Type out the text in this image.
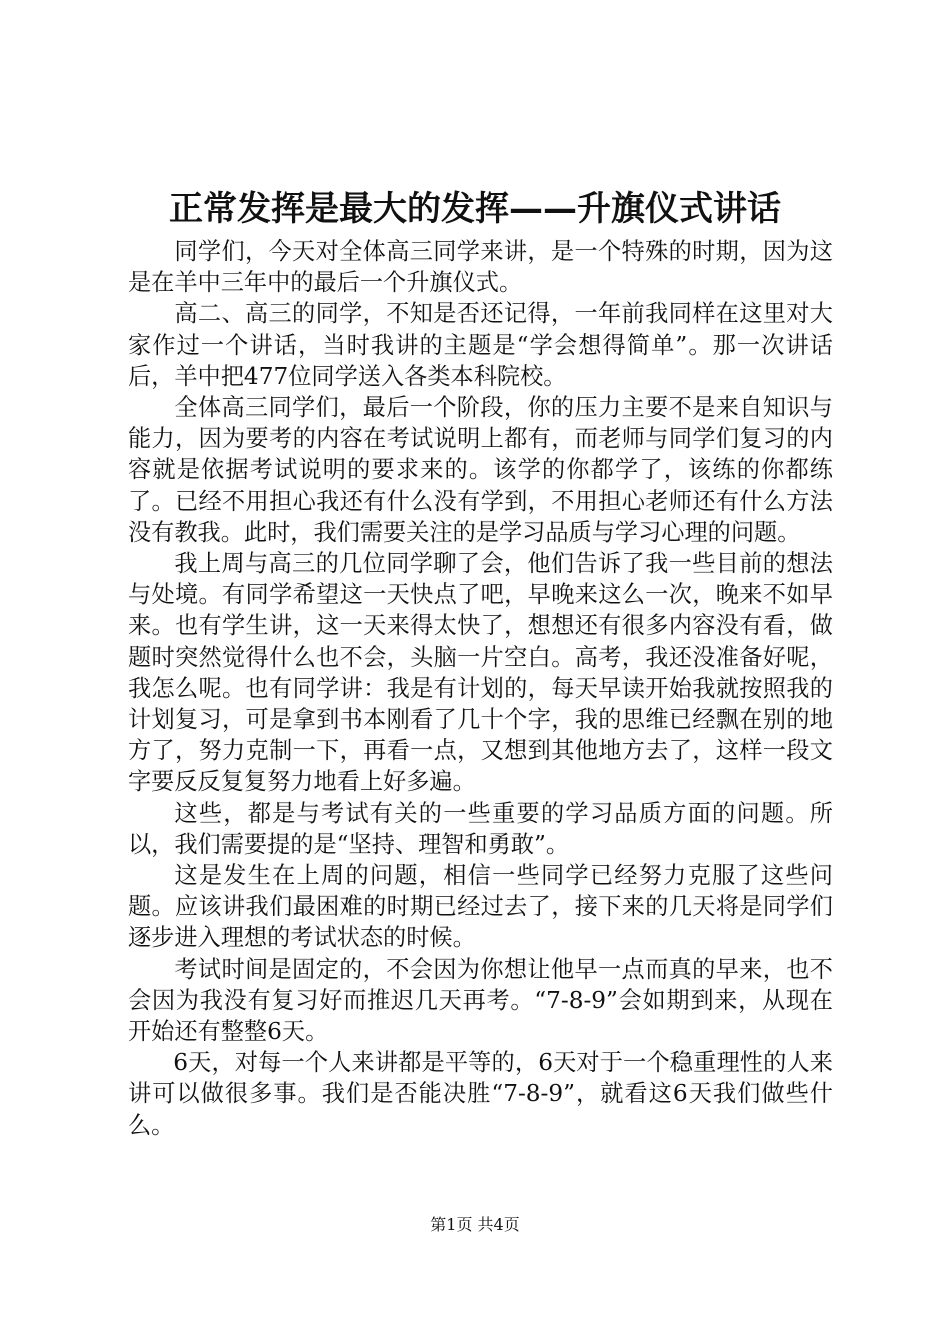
正常发挥是最大的发挥——升旗仪式讲话

同学们，今天对全体高三同学来讲，是一个特殊的时期，因为这是在羊中三年中的最后一个升旗仪式。

高二、高三的同学，不知是否还记得，一年前我同样在这里对大家作过一个讲话，当时我讲的主题是“学会想得简单”。那一次讲话后，羊中把477位同学送入各类本科院校。

全体高三同学们，最后一个阶段，你的压力主要不是来自知识与能力，因为要考的内容在考试说明上都有，而老师与同学们复习的内容就是依据考试说明的要求来的。该学的你都学了，该练的你都练了。已经不用担心我还有什么没有学到，不用担心老师还有什么方法没有教我。此时，我们需要关注的是学习品质与学习心理的问题。

我上周与高三的几位同学聊了会，他们告诉了我一些目前的想法与处境。有同学希望这一天快点了吧，早晚来这么一次，晚来不如早来。也有学生讲，这一天来得太快了，想想还有很多内容没有看，做题时突然觉得什么也不会，头脑一片空白。高考，我还没准备好呢，我怎么呢。也有同学讲：我是有计划的，每天早读开始我就按照我的计划复习，可是拿到书本刚看了几十个字，我的思维已经飘在别的地方了，努力克制一下，再看一点，又想到其他地方去了，这样一段文字要反反复复努力地看上好多遍。

这些，都是与考试有关的一些重要的学习品质方面的问题。所以，我们需要提的是“坚持、理智和勇敢”。

这是发生在上周的问题，相信一些同学已经努力克服了这些问题。应该讲我们最困难的时期已经过去了，接下来的几天将是同学们逐步进入理想的考试状态的时候。

考试时间是固定的，不会因为你想让他早一点而真的早来，也不会因为我没有复习好而推迟几天再考。“7-8-9”会如期到来，从现在开始还有整整6天。

6天，对每一个人来讲都是平等的，6天对于一个稳重理性的人来讲可以做很多事。我们是否能决胜“7-8-9”，就看这6天我们做些什么。

第1页 共4页
